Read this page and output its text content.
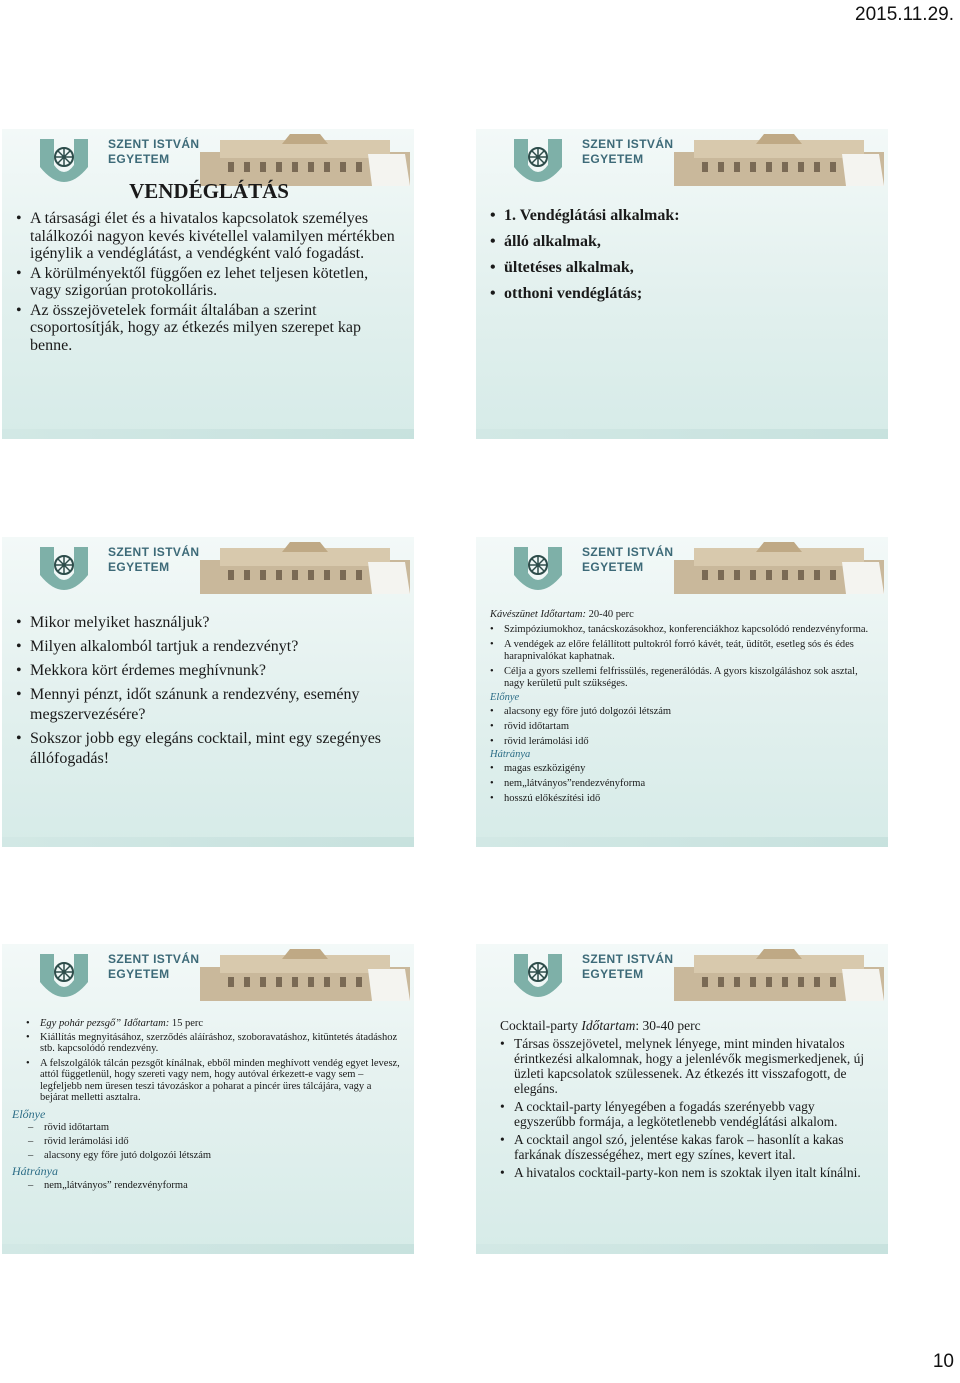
2015.11.29.
SZENT ISTVÁN
EGYETEM
VENDÉGLÁTÁS
• A társasági élet és a hivatalos kapcsolatok személyes találkozói nagyon kevés kivétellel valamilyen mértékben igénylik a vendéglátást, a vendégként való fogadást.
• A körülményektől függően ez lehet teljesen kötetlen, vagy szigorúan protokolláris.
• Az összejövetelek formáit általában a szerint csoportosítják, hogy az étkezés milyen szerepet kap benne.
SZENT ISTVÁN
EGYETEM
• 1. Vendéglátási alkalmak:
• álló alkalmak,
• ültetéses alkalmak,
• otthoni vendéglátás;
SZENT ISTVÁN
EGYETEM
• Mikor melyiket használjuk?
• Milyen alkalomból tartjuk a rendezvényt?
• Mekkora kört érdemes meghívnunk?
• Mennyi pénzt, időt szánunk a rendezvény, esemény megszervezésére?
• Sokszor jobb egy elegáns cocktail, mint egy szegényes állófogadás!
SZENT ISTVÁN
EGYETEM
Kávészünet Időtartam: 20-40 perc
• Szimpóziumokhoz, tanácskozásokhoz, konferenciákhoz kapcsolódó rendezvényforma.
• A vendégek az előre felállított pultokról forró kávét, teát, üdítőt, esetleg sós és édes harapnivalókat kaphatnak.
• Célja a gyors szellemi felfrissülés, regenerálódás. A gyors kiszolgáláshoz sok asztal, nagy kerületű pult szükséges.
Előnye
• alacsony egy főre jutó dolgozói létszám
• rövid időtartam
• rövid lerámolási idő
Hátránya
• magas eszközigény
• nem„látványos”rendezvényforma
• hosszú előkészítési idő
SZENT ISTVÁN
EGYETEM
• Egy pohár pezsgő” Időtartam: 15 perc
• Kiállítás megnyitásához, szerződés aláíráshoz, szoboravatáshoz, kitüntetés átadáshoz stb. kapcsolódó rendezvény.
• A felszolgálók tálcán pezsgőt kínálnak, ebből minden meghívott vendég egyet levesz, attól függetlenül, hogy szereti vagy nem, hogy autóval érkezett-e vagy sem – legfeljebb nem üresen teszi távozáskor a poharat a pincér üres tálcájára, vagy a bejárat melletti asztalra.
Előnye
– rövid időtartam
– rövid lerámolási idő
– alacsony egy főre jutó dolgozói létszám
Hátránya
– nem„látványos” rendezvényforma
SZENT ISTVÁN
EGYETEM
Cocktail-party Időtartam: 30-40 perc
• Társas összejövetel, melynek lényege, mint minden hivatalos érintkezési alkalomnak, hogy a jelenlévők megismerkedjenek, új üzleti kapcsolatok szülessenek. Az étkezés itt visszafogott, de elegáns.
• A cocktail-party lényegében a fogadás szerényebb vagy egyszerűbb formája, a legkötetlenebb vendéglátási alkalom.
• A cocktail angol szó, jelentése kakas farok – hasonlít a kakas farkának díszességéhez, mert egy színes, kevert ital.
• A hivatalos cocktail-party-kon nem is szoktak ilyen italt kínálni.
10
